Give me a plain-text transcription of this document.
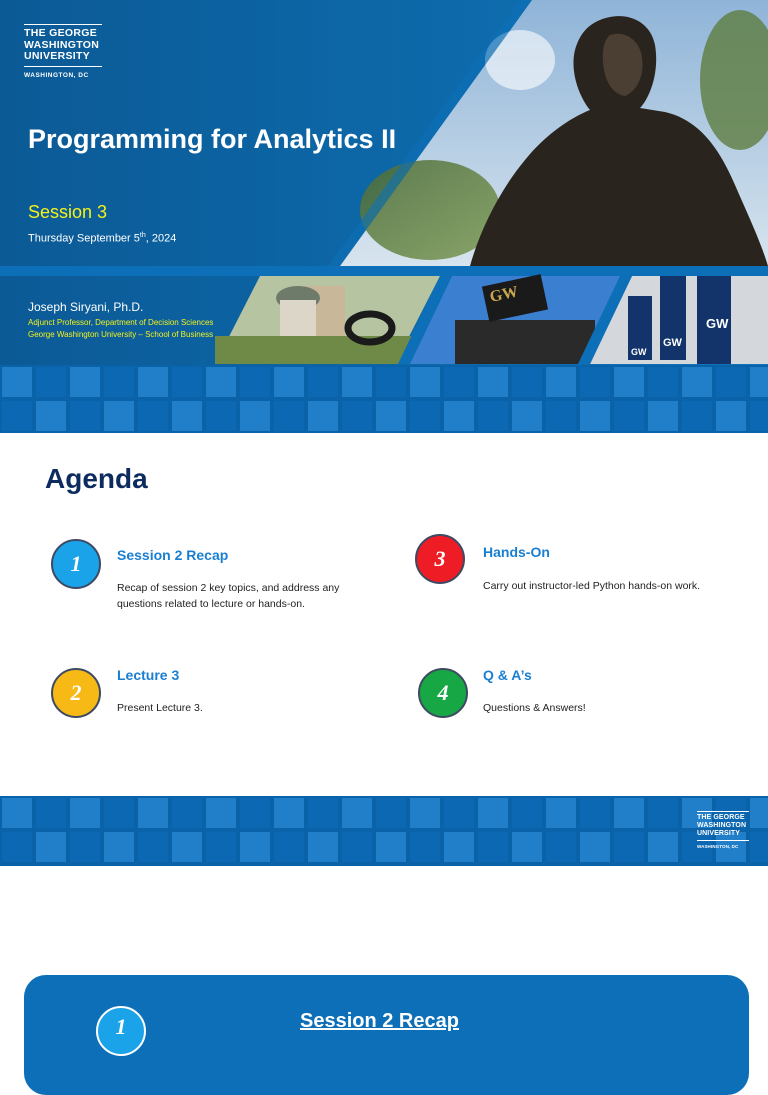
GW
GW
GW
GW
THE GEORGE
WASHINGTON
UNIVERSITY
WASHINGTON, DC
Programming for Analytics II
Session 3
Thursday September 5th, 2024
Joseph Siryani, Ph.D.
Adjunct Professor, Department of Decision Sciences
George Washington University – School of Business
Agenda
1	Session 2 Recap
Recap of session 2 key topics, and address any questions related to lecture or hands-on.
2
Lecture 3
Present Lecture 3.
3	Hands-On
Carry out instructor-led Python hands-on work.
4
Q & A’s
Questions & Answers!
THE GEORGE
WASHINGTON
UNIVERSITY
WASHINGTON, DC
1	Session 2 Recap
